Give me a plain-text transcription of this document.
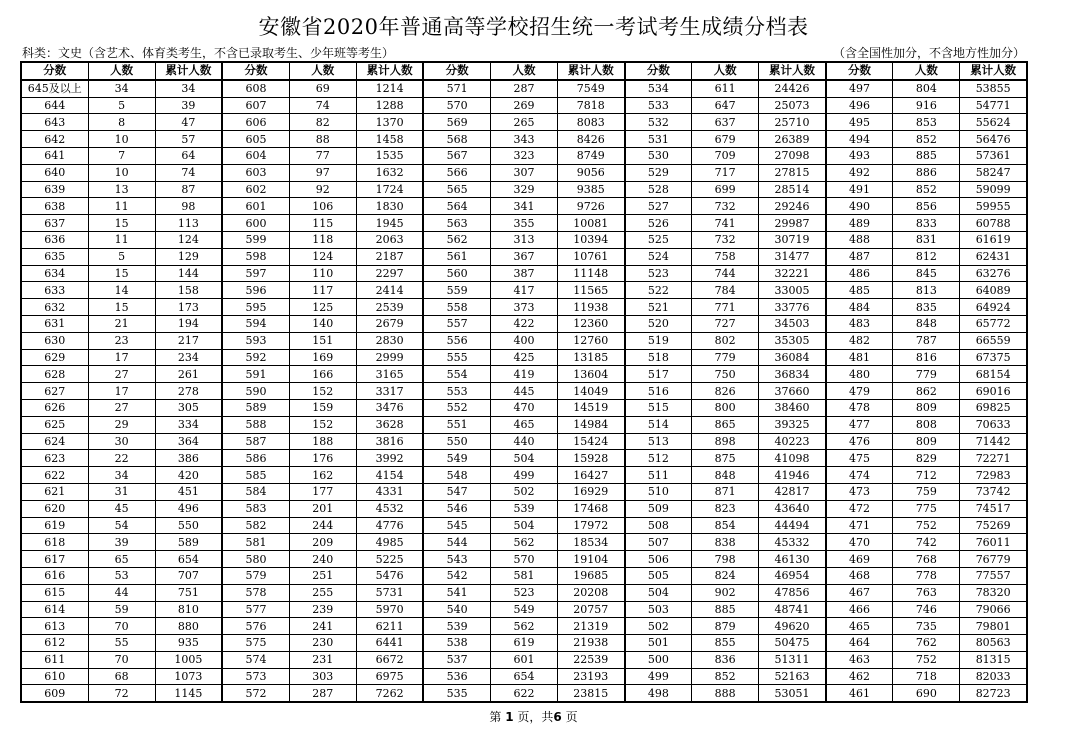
安徽省2020年普通高等学校招生统一考试考生成绩分档表
科类：文史（含艺术、体育类考生，不含已录取考生、少年班等考生）	（含全国性加分，不含地方性加分）
分数	人数	累计人数	分数	人数	累计人数	分数	人数	累计人数	分数	人数	累计人数	分数	人数	累计人数
645及以上	34	34	608	69	1214	571	287	7549	534	611	24426	497	804	53855
644	5	39	607	74	1288	570	269	7818	533	647	25073	496	916	54771
643	8	47	606	82	1370	569	265	8083	532	637	25710	495	853	55624
642	10	57	605	88	1458	568	343	8426	531	679	26389	494	852	56476
641	7	64	604	77	1535	567	323	8749	530	709	27098	493	885	57361
640	10	74	603	97	1632	566	307	9056	529	717	27815	492	886	58247
639	13	87	602	92	1724	565	329	9385	528	699	28514	491	852	59099
638	11	98	601	106	1830	564	341	9726	527	732	29246	490	856	59955
637	15	113	600	115	1945	563	355	10081	526	741	29987	489	833	60788
636	11	124	599	118	2063	562	313	10394	525	732	30719	488	831	61619
635	5	129	598	124	2187	561	367	10761	524	758	31477	487	812	62431
634	15	144	597	110	2297	560	387	11148	523	744	32221	486	845	63276
633	14	158	596	117	2414	559	417	11565	522	784	33005	485	813	64089
632	15	173	595	125	2539	558	373	11938	521	771	33776	484	835	64924
631	21	194	594	140	2679	557	422	12360	520	727	34503	483	848	65772
630	23	217	593	151	2830	556	400	12760	519	802	35305	482	787	66559
629	17	234	592	169	2999	555	425	13185	518	779	36084	481	816	67375
628	27	261	591	166	3165	554	419	13604	517	750	36834	480	779	68154
627	17	278	590	152	3317	553	445	14049	516	826	37660	479	862	69016
626	27	305	589	159	3476	552	470	14519	515	800	38460	478	809	69825
625	29	334	588	152	3628	551	465	14984	514	865	39325	477	808	70633
624	30	364	587	188	3816	550	440	15424	513	898	40223	476	809	71442
623	22	386	586	176	3992	549	504	15928	512	875	41098	475	829	72271
622	34	420	585	162	4154	548	499	16427	511	848	41946	474	712	72983
621	31	451	584	177	4331	547	502	16929	510	871	42817	473	759	73742
620	45	496	583	201	4532	546	539	17468	509	823	43640	472	775	74517
619	54	550	582	244	4776	545	504	17972	508	854	44494	471	752	75269
618	39	589	581	209	4985	544	562	18534	507	838	45332	470	742	76011
617	65	654	580	240	5225	543	570	19104	506	798	46130	469	768	76779
616	53	707	579	251	5476	542	581	19685	505	824	46954	468	778	77557
615	44	751	578	255	5731	541	523	20208	504	902	47856	467	763	78320
614	59	810	577	239	5970	540	549	20757	503	885	48741	466	746	79066
613	70	880	576	241	6211	539	562	21319	502	879	49620	465	735	79801
612	55	935	575	230	6441	538	619	21938	501	855	50475	464	762	80563
611	70	1005	574	231	6672	537	601	22539	500	836	51311	463	752	81315
610	68	1073	573	303	6975	536	654	23193	499	852	52163	462	718	82033
609	72	1145	572	287	7262	535	622	23815	498	888	53051	461	690	82723
第 1 页，共6 页
